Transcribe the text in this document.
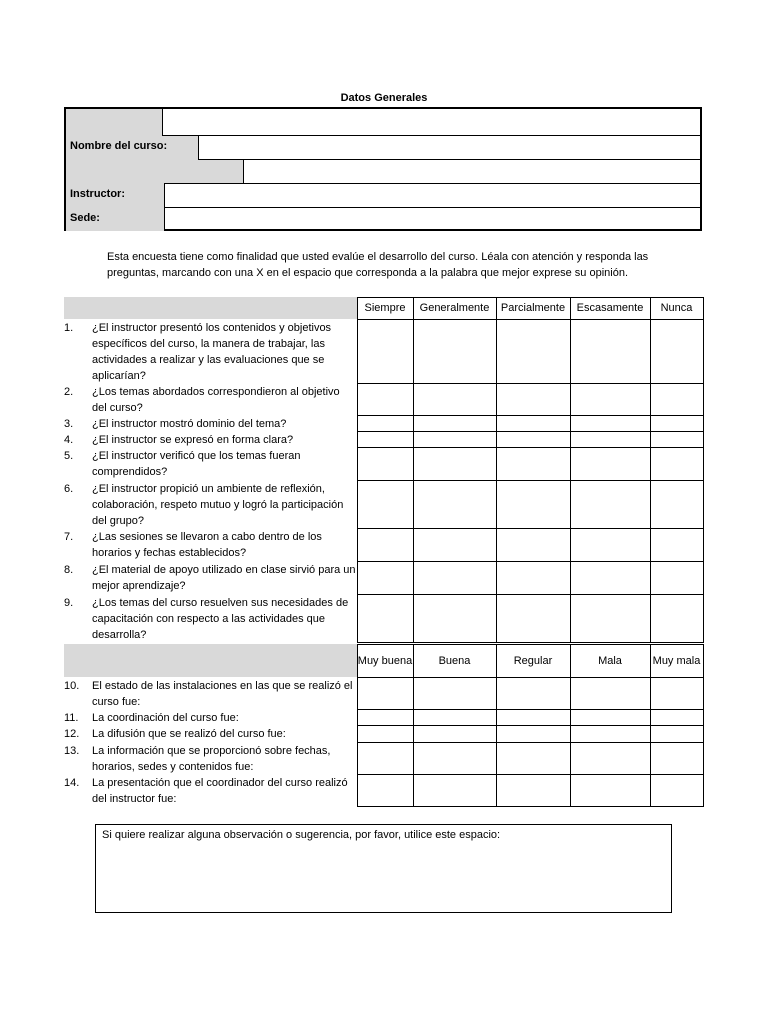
Datos Generales
Nombre del curso:
Instructor:
Sede:
Esta encuesta tiene como finalidad que usted evalúe el desarrollo del curso. Léala con atención y responda las preguntas, marcando con una X en el espacio que corresponda a la palabra que mejor exprese su opinión.
Siempre	Generalmente	Parcialmente	Escasamente	Nunca
1. ¿El instructor presentó los contenidos y objetivos específicos del curso, la manera de trabajar, las actividades a realizar y las evaluaciones que se aplicarían?
2. ¿Los temas abordados correspondieron al objetivo del curso?
3. ¿El instructor mostró dominio del tema?
4. ¿El instructor se expresó en forma clara?
5. ¿El instructor verificó que los temas fueran comprendidos?
6. ¿El instructor propició un ambiente de reflexión, colaboración, respeto mutuo y logró la participación del grupo?
7. ¿Las sesiones se llevaron a cabo dentro de los horarios y fechas establecidos?
8. ¿El material de apoyo utilizado en clase sirvió para un mejor aprendizaje?
9. ¿Los temas del curso resuelven sus necesidades de capacitación con respecto a las actividades que desarrolla?
Muy buena	Buena	Regular	Mala	Muy mala
10. El estado de las instalaciones en las que se realizó el curso fue:
11. La coordinación del curso fue:
12. La difusión que se realizó del curso fue:
13. La información que se proporcionó sobre fechas, horarios, sedes y contenidos fue:
14. La presentación que el coordinador del curso realizó del instructor fue:
Si quiere realizar alguna observación o sugerencia, por favor, utilice este espacio:
